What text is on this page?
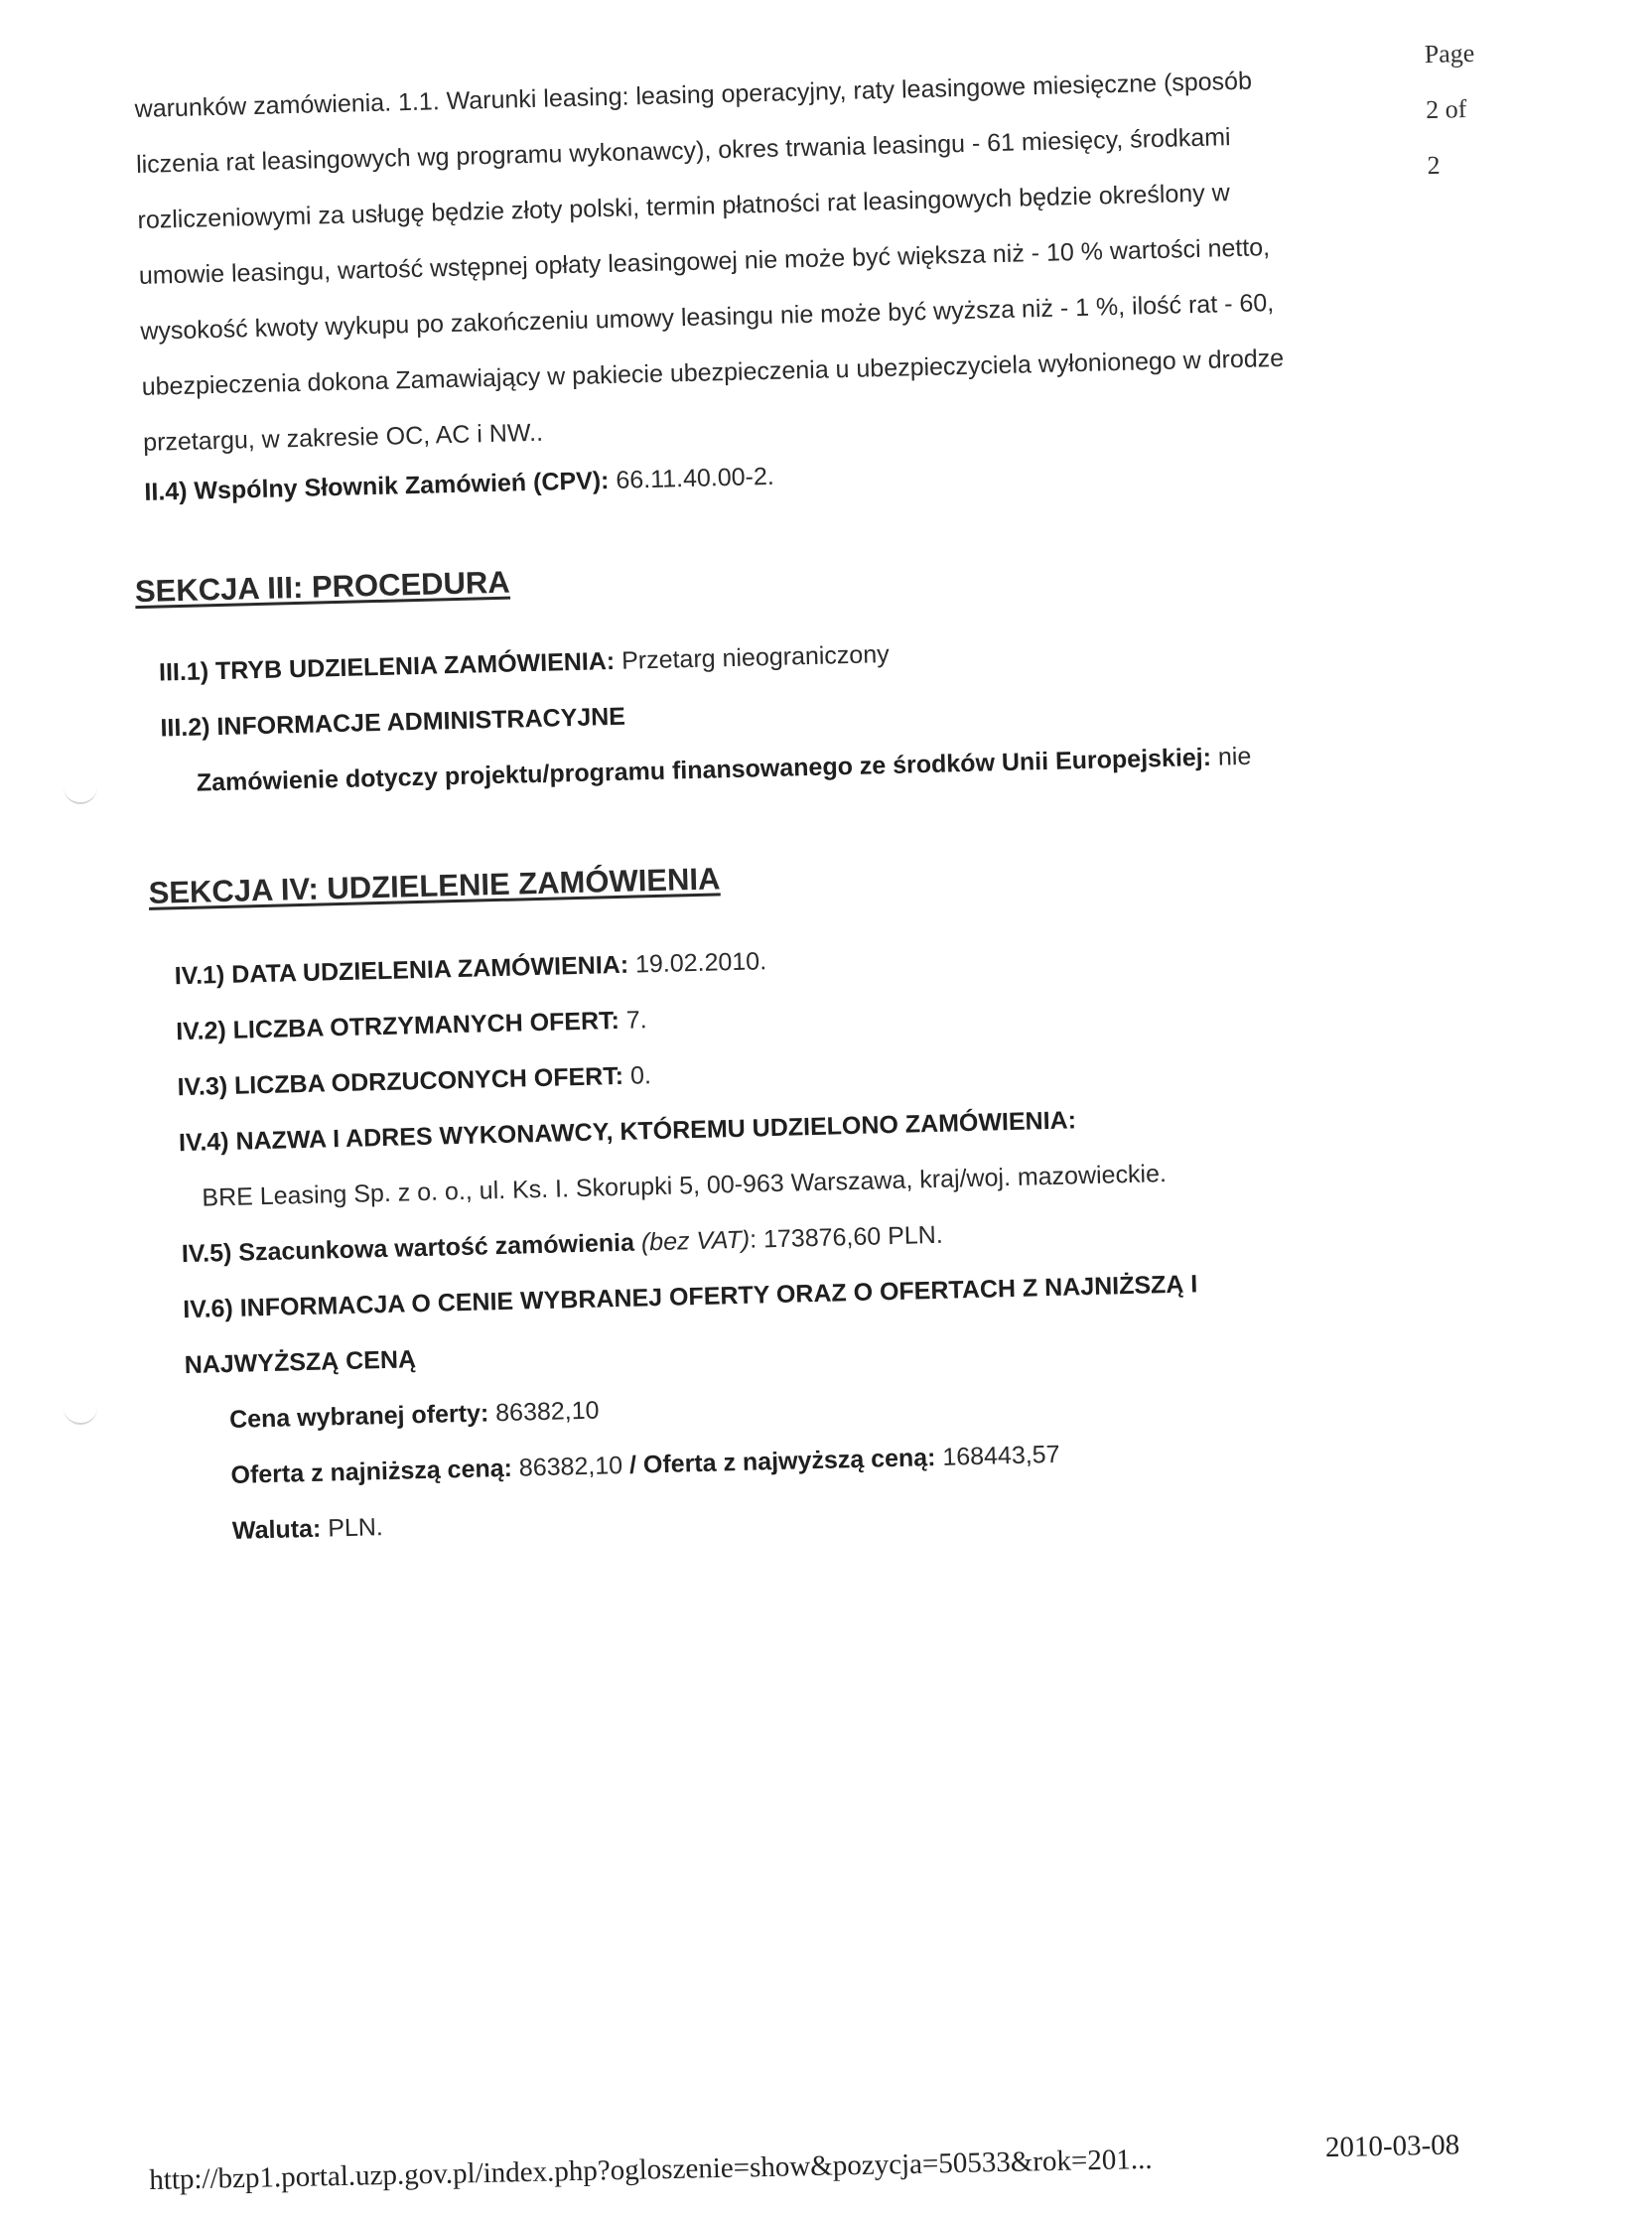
Page 2 of 2
warunków zamówienia. 1.1. Warunki leasing: leasing operacyjny, raty leasingowe miesięczne (sposób
liczenia rat leasingowych wg programu wykonawcy), okres trwania leasingu - 61 miesięcy, środkami
rozliczeniowymi za usługę będzie złoty polski, termin płatności rat leasingowych będzie określony w
umowie leasingu, wartość wstępnej opłaty leasingowej nie może być większa niż - 10 % wartości netto,
wysokość kwoty wykupu po zakończeniu umowy leasingu nie może być wyższa niż - 1 %, ilość rat - 60,
ubezpieczenia dokona Zamawiający w pakiecie ubezpieczenia u ubezpieczyciela wyłonionego w drodze
przetargu, w zakresie OC, AC i NW..
II.4) Wspólny Słownik Zamówień (CPV): 66.11.40.00-2.
SEKCJA III: PROCEDURA
III.1) TRYB UDZIELENIA ZAMÓWIENIA: Przetarg nieograniczony
III.2) INFORMACJE ADMINISTRACYJNE
Zamówienie dotyczy projektu/programu finansowanego ze środków Unii Europejskiej: nie
SEKCJA IV: UDZIELENIE ZAMÓWIENIA
IV.1) DATA UDZIELENIA ZAMÓWIENIA: 19.02.2010.
IV.2) LICZBA OTRZYMANYCH OFERT: 7.
IV.3) LICZBA ODRZUCONYCH OFERT: 0.
IV.4) NAZWA I ADRES WYKONAWCY, KTÓREMU UDZIELONO ZAMÓWIENIA:
BRE Leasing Sp. z o. o., ul. Ks. I. Skorupki 5, 00-963 Warszawa, kraj/woj. mazowieckie.
IV.5) Szacunkowa wartość zamówienia (bez VAT): 173876,60 PLN.
IV.6) INFORMACJA O CENIE WYBRANEJ OFERTY ORAZ O OFERTACH Z NAJNIŻSZĄ I
NAJWYŻSZĄ CENĄ
Cena wybranej oferty: 86382,10
Oferta z najniższą ceną: 86382,10 / Oferta z najwyższą ceną: 168443,57
Waluta: PLN.
http://bzp1.portal.uzp.gov.pl/index.php?ogloszenie=show&pozycja=50533&rok=201...	2010-03-08
